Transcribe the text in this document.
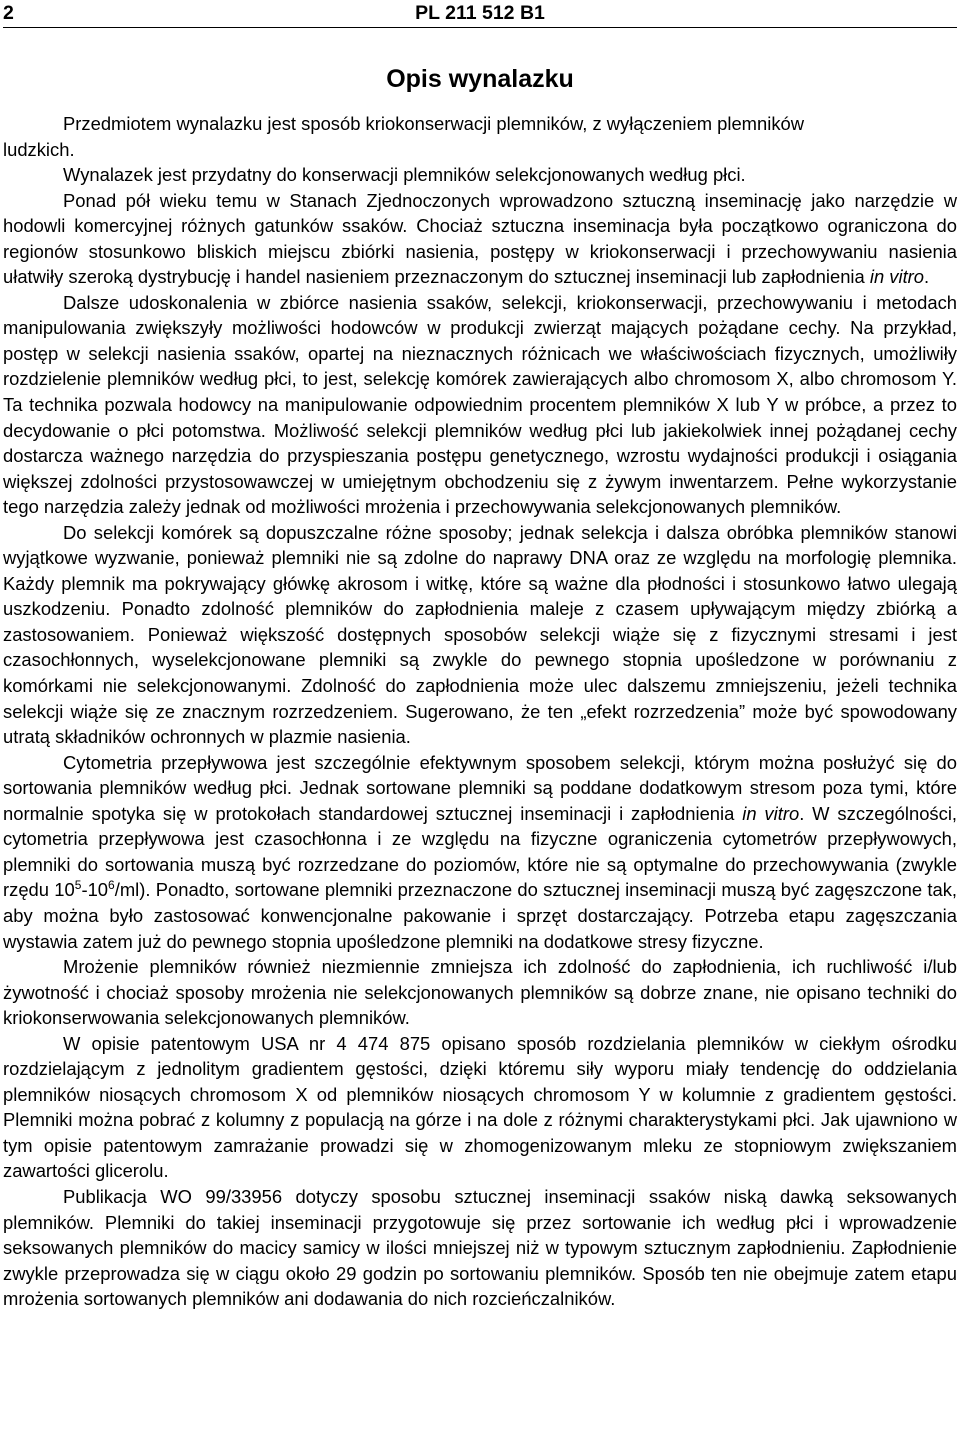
2	PL 211 512 B1
Opis wynalazku

Przedmiotem wynalazku jest sposób kriokonserwacji plemników, z wyłączeniem plemników

ludzkich.

Wynalazek jest przydatny do konserwacji plemników selekcjonowanych według płci.

Ponad pół wieku temu w Stanach Zjednoczonych wprowadzono sztuczną inseminację jako narzędzie w hodowli komercyjnej różnych gatunków ssaków. Chociaż sztuczna inseminacja była początkowo ograniczona do regionów stosunkowo bliskich miejscu zbiórki nasienia, postępy w kriokonserwacji i przechowywaniu nasienia ułatwiły szeroką dystrybucję i handel nasieniem przeznaczonym do sztucznej inseminacji lub zapłodnienia in vitro.

Dalsze udoskonalenia w zbiórce nasienia ssaków, selekcji, kriokonserwacji, przechowywaniu i metodach manipulowania zwiększyły możliwości hodowców w produkcji zwierząt mających pożądane cechy. Na przykład, postęp w selekcji nasienia ssaków, opartej na nieznacznych różnicach we właściwościach fizycznych, umożliwiły rozdzielenie plemników według płci, to jest, selekcję komórek zawierających albo chromosom X, albo chromosom Y. Ta technika pozwala hodowcy na manipulowanie odpowiednim procentem plemników X lub Y w próbce, a przez to decydowanie o płci potomstwa. Możliwość selekcji plemników według płci lub jakiekolwiek innej pożądanej cechy dostarcza ważnego narzędzia do przyspieszania postępu genetycznego, wzrostu wydajności produkcji i osiągania większej zdolności przystosowawczej w umiejętnym obchodzeniu się z żywym inwentarzem. Pełne wykorzystanie tego narzędzia zależy jednak od możliwości mrożenia i przechowywania selekcjonowanych plemników.

Do selekcji komórek są dopuszczalne różne sposoby; jednak selekcja i dalsza obróbka plemników stanowi wyjątkowe wyzwanie, ponieważ plemniki nie są zdolne do naprawy DNA oraz ze względu na morfologię plemnika. Każdy plemnik ma pokrywający główkę akrosom i witkę, które są ważne dla płodności i stosunkowo łatwo ulegają uszkodzeniu. Ponadto zdolność plemników do zapłodnienia maleje z czasem upływającym między zbiórką a zastosowaniem. Ponieważ większość dostępnych sposobów selekcji wiąże się z fizycznymi stresami i jest czasochłonnych, wyselekcjonowane plemniki są zwykle do pewnego stopnia upośledzone w porównaniu z komórkami nie selekcjonowanymi. Zdolność do zapłodnienia może ulec dalszemu zmniejszeniu, jeżeli technika selekcji wiąże się ze znacznym rozrzedzeniem. Sugerowano, że ten „efekt rozrzedzenia” może być spowodowany utratą składników ochronnych w plazmie nasienia.

Cytometria przepływowa jest szczególnie efektywnym sposobem selekcji, którym można posłużyć się do sortowania plemników według płci. Jednak sortowane plemniki są poddane dodatkowym stresom poza tymi, które normalnie spotyka się w protokołach standardowej sztucznej inseminacji i zapłodnienia in vitro. W szczególności, cytometria przepływowa jest czasochłonna i ze względu na fizyczne ograniczenia cytometrów przepływowych, plemniki do sortowania muszą być rozrzedzane do poziomów, które nie są optymalne do przechowywania (zwykle rzędu $10^5-10^6/ml$). Ponadto, sortowane plemniki przeznaczone do sztucznej inseminacji muszą być zagęszczone tak, aby można było zastosować konwencjonalne pakowanie i sprzęt dostarczający. Potrzeba etapu zagęszczania wystawia zatem już do pewnego stopnia upośledzone plemniki na dodatkowe stresy fizyczne.

Mrożenie plemników również niezmiennie zmniejsza ich zdolność do zapłodnienia, ich ruchliwość i/lub żywotność i chociaż sposoby mrożenia nie selekcjonowanych plemników są dobrze znane, nie opisano techniki do kriokonserwowania selekcjonowanych plemników.

W opisie patentowym USA nr 4 474 875 opisano sposób rozdzielania plemników w ciekłym ośrodku rozdzielającym z jednolitym gradientem gęstości, dzięki któremu siły wyporu miały tendencję do oddzielania plemników niosących chromosom X od plemników niosących chromosom Y w kolumnie z gradientem gęstości. Plemniki można pobrać z kolumny z populacją na górze i na dole z różnymi charakterystykami płci. Jak ujawniono w tym opisie patentowym zamrażanie prowadzi się w zhomogenizowanym mleku ze stopniowym zwiększaniem zawartości glicerolu.

Publikacja WO 99/33956 dotyczy sposobu sztucznej inseminacji ssaków niską dawką seksowanych plemników. Plemniki do takiej inseminacji przygotowuje się przez sortowanie ich według płci i wprowadzenie seksowanych plemników do macicy samicy w ilości mniejszej niż w typowym sztucznym zapłodnieniu. Zapłodnienie zwykle przeprowadza się w ciągu około 29 godzin po sortowaniu plemników. Sposób ten nie obejmuje zatem etapu mrożenia sortowanych plemników ani dodawania do nich rozcieńczalników.
